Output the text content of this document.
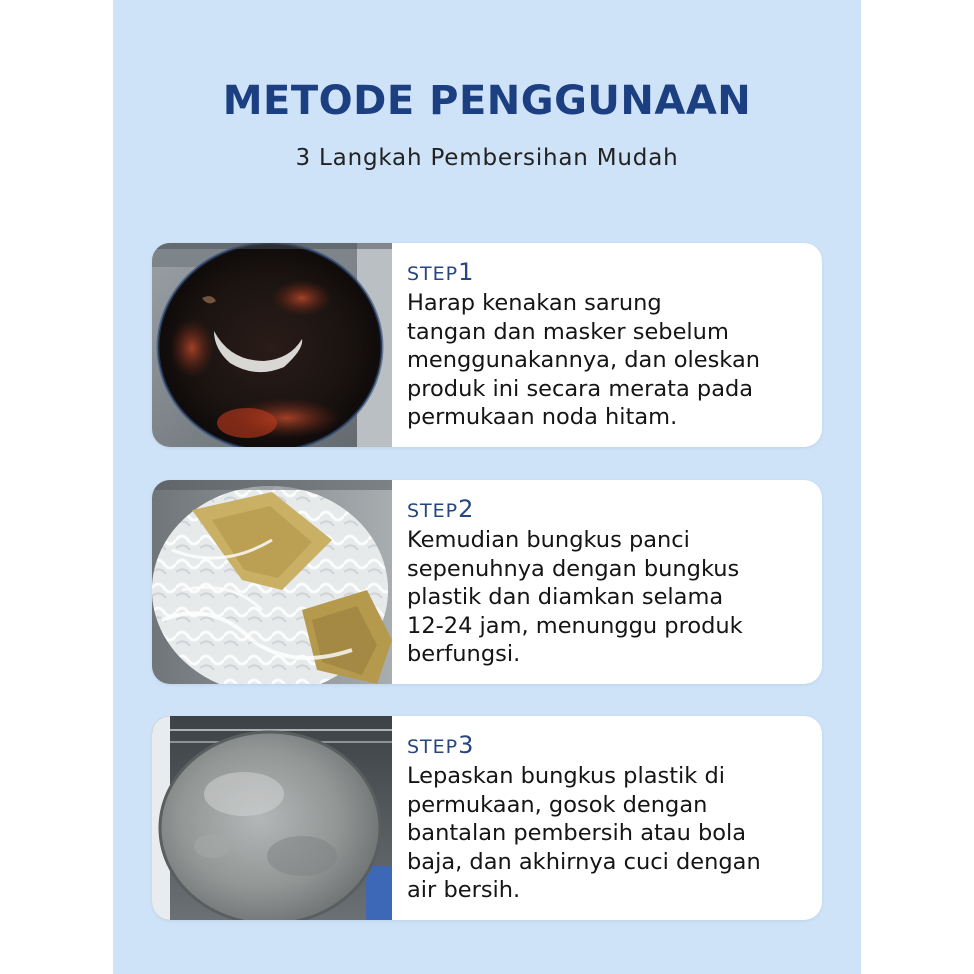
METODE PENGGUNAAN

3 Langkah Pembersihan Mudah

STEP1

Harap kenakan sarung
tangan dan masker sebelum
menggunakannya, dan oleskan
produk ini secara merata pada
permukaan noda hitam.

STEP2

Kemudian bungkus panci
sepenuhnya dengan bungkus
plastik dan diamkan selama
12-24 jam, menunggu produk
berfungsi.

STEP3

Lepaskan bungkus plastik di
permukaan, gosok dengan
bantalan pembersih atau bola
baja, dan akhirnya cuci dengan
air bersih.
